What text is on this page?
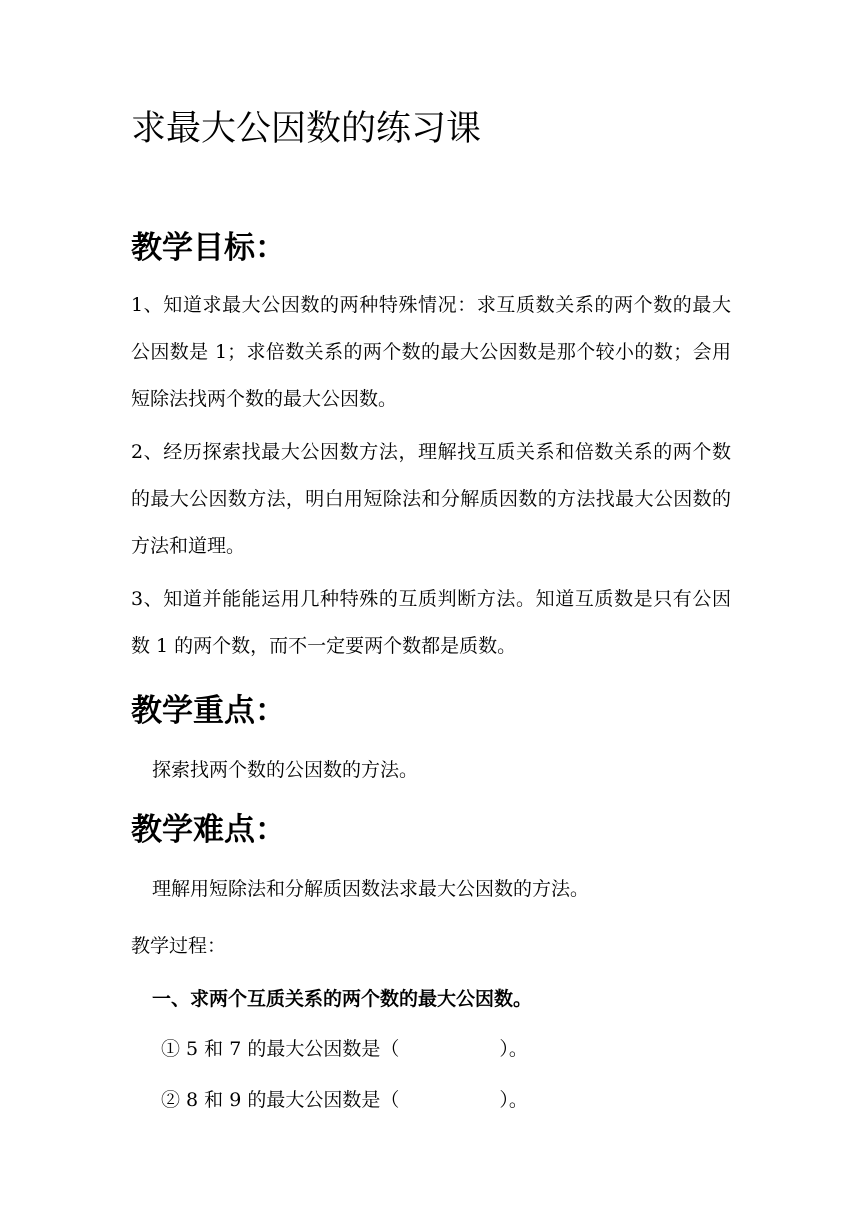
求最大公因数的练习课
教学目标：

1、知道求最大公因数的两种特殊情况：求互质数关系的两个数的最大公因数是 1；求倍数关系的两个数的最大公因数是那个较小的数；会用短除法找两个数的最大公因数。

2、经历探索找最大公因数方法，理解找互质关系和倍数关系的两个数的最大公因数方法，明白用短除法和分解质因数的方法找最大公因数的方法和道理。

3、知道并能能运用几种特殊的互质判断方法。知道互质数是只有公因数 1 的两个数，而不一定要两个数都是质数。

教学重点：
探索找两个数的公因数的方法。
教学难点：
理解用短除法和分解质因数法求最大公因数的方法。
教学过程：
一、求两个互质关系的两个数的最大公因数。
① 5 和 7 的最大公因数是（	）。
② 8 和 9 的最大公因数是（	）。
